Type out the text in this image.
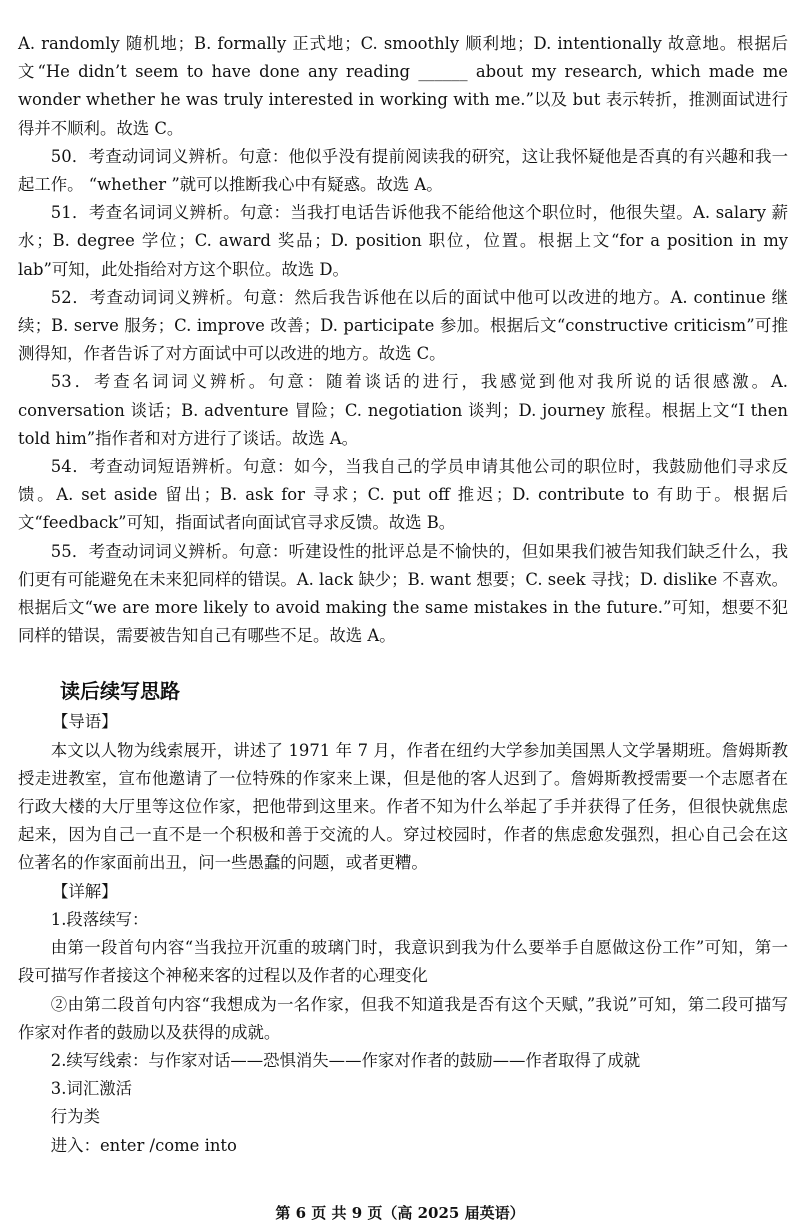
A. randomly 随机地；B. formally 正式地；C. smoothly 顺利地；D. intentionally 故意地。根据后文“He didn’t seem to have done any reading ______ about my research, which made me wonder whether he was truly interested in working with me.”以及 but 表示转折，推测面试进行得并不顺利。故选 C。

50．考查动词词义辨析。句意：他似乎没有提前阅读我的研究，这让我怀疑他是否真的有兴趣和我一起工作。 “whether ”就可以推断我心中有疑惑。故选 A。

51．考查名词词义辨析。句意：当我打电话告诉他我不能给他这个职位时，他很失望。A. salary 薪水；B. degree 学位；C. award 奖品；D. position 职位，位置。根据上文“for a position in my lab”可知，此处指给对方这个职位。故选 D。

52．考查动词词义辨析。句意：然后我告诉他在以后的面试中他可以改进的地方。A. continue 继续；B. serve 服务；C. improve 改善；D. participate 参加。根据后文“constructive criticism”可推测得知，作者告诉了对方面试中可以改进的地方。故选 C。

53．考查名词词义辨析。句意：随着谈话的进行，我感觉到他对我所说的话很感激。A. conversation 谈话；B. adventure 冒险；C. negotiation 谈判；D. journey 旅程。根据上文“I then told him”指作者和对方进行了谈话。故选 A。

54．考查动词短语辨析。句意：如今，当我自己的学员申请其他公司的职位时，我鼓励他们寻求反馈。A. set aside 留出；B. ask for 寻求；C. put off 推迟；D. contribute to 有助于。根据后文“feedback”可知，指面试者向面试官寻求反馈。故选 B。

55．考查动词词义辨析。句意：听建设性的批评总是不愉快的，但如果我们被告知我们缺乏什么，我们更有可能避免在未来犯同样的错误。A. lack 缺少；B. want 想要；C. seek 寻找；D. dislike 不喜欢。根据后文“we are more likely to avoid making the same mistakes in the future.”可知，想要不犯同样的错误，需要被告知自己有哪些不足。故选 A。

读后续写思路

【导语】

本文以人物为线索展开，讲述了 1971 年 7 月，作者在纽约大学参加美国黑人文学暑期班。詹姆斯教授走进教室，宣布他邀请了一位特殊的作家来上课，但是他的客人迟到了。詹姆斯教授需要一个志愿者在行政大楼的大厅里等这位作家，把他带到这里来。作者不知为什么举起了手并获得了任务，但很快就焦虑起来，因为自己一直不是一个积极和善于交流的人。穿过校园时，作者的焦虑愈发强烈，担心自己会在这位著名的作家面前出丑，问一些愚蠢的问题，或者更糟。

【详解】

1.段落续写：

由第一段首句内容“当我拉开沉重的玻璃门时，我意识到我为什么要举手自愿做这份工作”可知，第一段可描写作者接这个神秘来客的过程以及作者的心理变化

②由第二段首句内容“我想成为一名作家，但我不知道我是否有这个天赋，”我说”可知，第二段可描写作家对作者的鼓励以及获得的成就。

2.续写线索：与作家对话——恐惧消失——作家对作者的鼓励——作者取得了成就

3.词汇激活

行为类

进入：enter /come into

第 6 页 共 9 页（高 2025 届英语）
